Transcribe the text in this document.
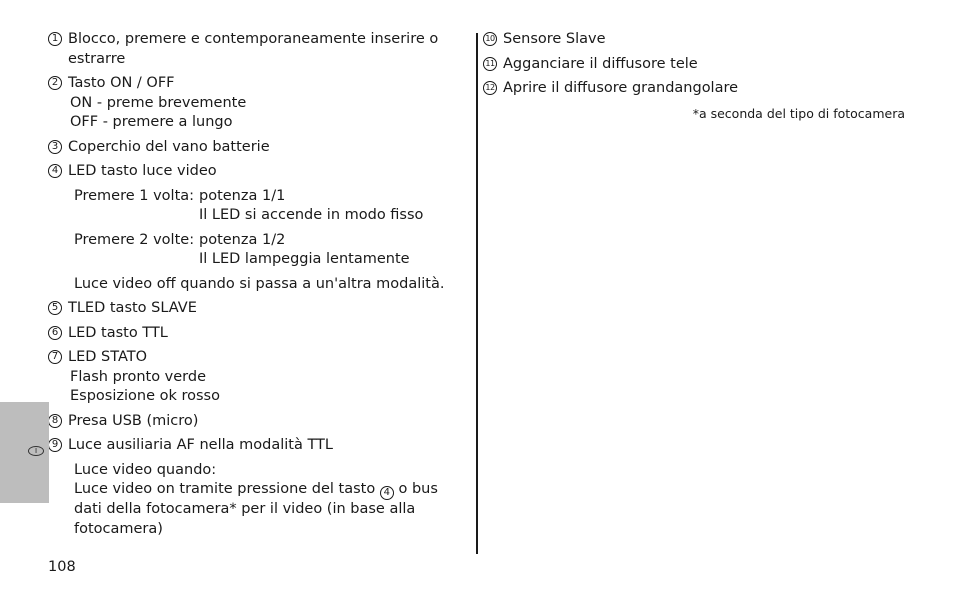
1 Blocco, premere e contemporaneamente inserire o estrarre
2 Tasto ON / OFF
ON - preme brevemente
OFF - premere a lungo
3 Coperchio del vano batterie
4 LED tasto luce video
Premere 1 volta: potenza 1/1
Il LED si accende in modo fisso
Premere 2 volte: potenza 1/2
Il LED lampeggia lentamente
Luce video off quando si passa a un'altra modalità.
5 TLED tasto SLAVE
6 LED tasto TTL
7 LED STATO
Flash pronto verde
Esposizione ok rosso
8 Presa USB (micro)
9 Luce ausiliaria AF nella modalità TTL
Luce video quando:
Luce video on tramite pressione del tasto 4 o bus dati della fotocamera* per il video (in base alla fotocamera)
10 Sensore Slave
11 Agganciare il diffusore tele
12 Aprire il diffusore grandangolare
*a seconda del tipo di fotocamera
I
108
